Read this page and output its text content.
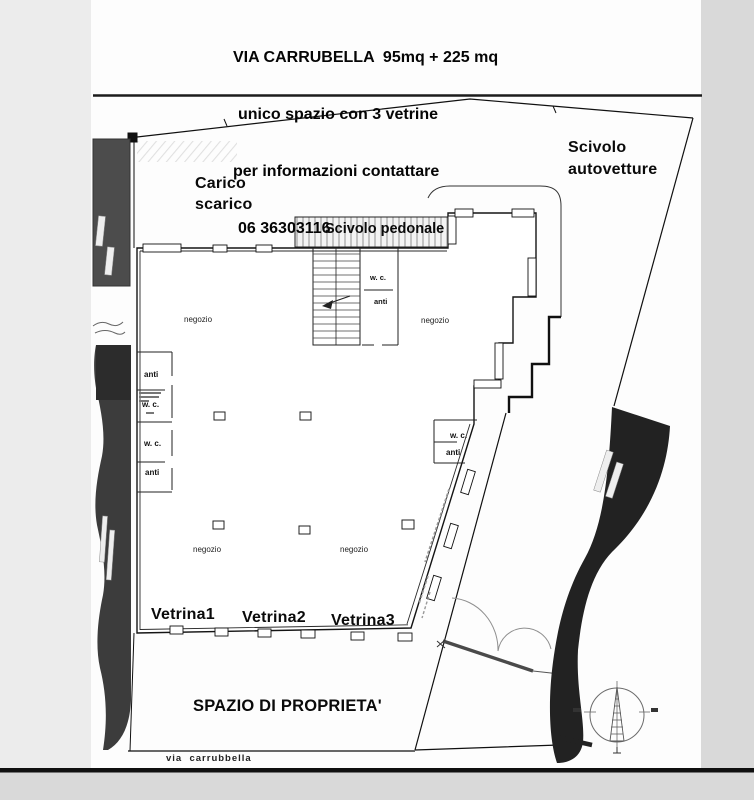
VIA CARRUBELLA  95mq + 225 mq

unico spazio con 3 vetrine

per informazioni contattare

06 36303116

Carico
scarico
Scivolo
autovetture
Scivolo pedonale
Vetrina1 Vetrina2 Vetrina3
SPAZIO DI PROPRIETA'
via  carrubbella
negozio	negozio
negozio	negozio
w. c.
anti
anti
w. c.
w. c.
anti
w. c.
anti
